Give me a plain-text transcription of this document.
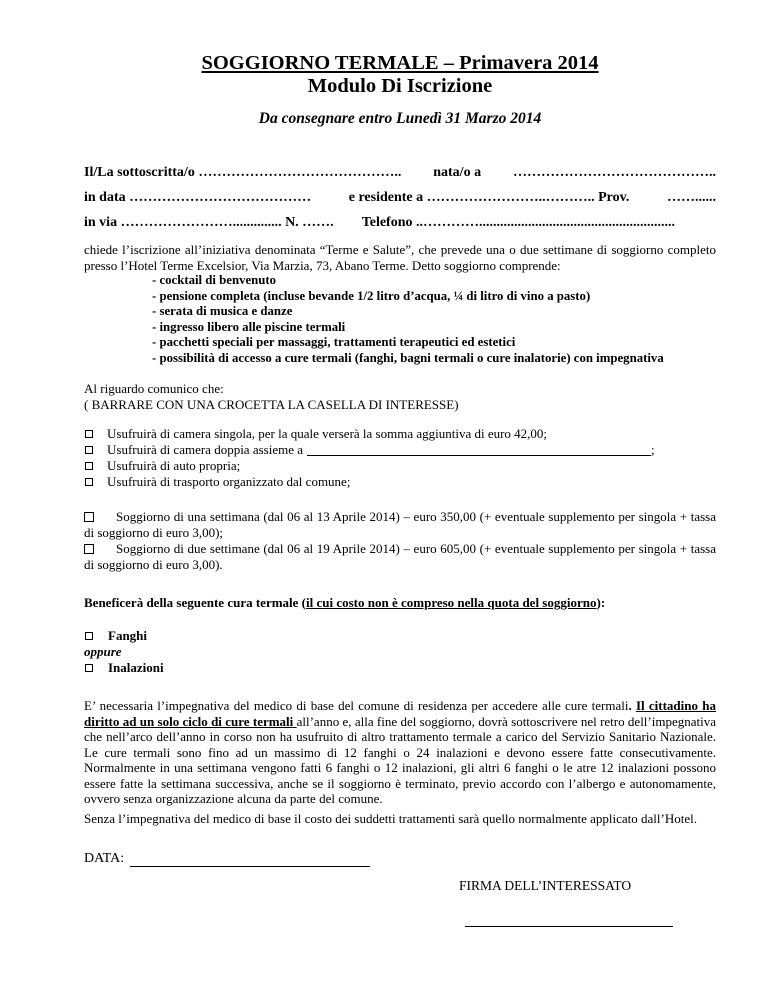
SOGGIORNO TERMALE – Primavera 2014
Modulo Di Iscrizione
Da consegnare entro Lunedì 31 Marzo 2014
Il/La sottoscritta/o …………………………………….. nata/o a ……………………………………..
in data …………………………………	e residente a ……………………..……….. Prov.	……......
in via …………………….............. N. ……. Telefono ..…………........................................................
chiede l’iscrizione all’iniziativa denominata “Terme e Salute”, che prevede una o due settimane di soggiorno completo presso l’Hotel Terme Excelsior, Via Marzia, 73, Abano Terme. Detto soggiorno comprende:
- cocktail di benvenuto
- pensione completa (incluse bevande 1/2 litro d’acqua, ¼ di litro di vino a pasto)
- serata di musica e danze
- ingresso libero alle piscine termali
- pacchetti speciali per massaggi, trattamenti terapeutici ed estetici
- possibilità di accesso a cure termali (fanghi, bagni termali o cure inalatorie) con impegnativa
Al riguardo comunico che:
( BARRARE CON UNA CROCETTA LA CASELLA DI INTERESSE)
Usufruirà di camera singola, per la quale verserà la somma aggiuntiva di euro 42,00;
Usufruirà di camera doppia assieme a	;
Usufruirà di auto propria;
Usufruirà di trasporto organizzato dal comune;
Soggiorno di una settimana (dal 06 al 13 Aprile 2014) – euro 350,00 (+ eventuale supplemento per singola + tassa di soggiorno di euro 3,00);
Soggiorno di due settimane (dal 06 al 19 Aprile 2014) – euro 605,00 (+ eventuale supplemento per singola + tassa di soggiorno di euro 3,00).
Beneficerà della seguente cura termale (il cui costo non è compreso nella quota del soggiorno):
Fanghi
oppure
Inalazioni
E’ necessaria l’impegnativa del medico di base del comune di residenza per accedere alle cure termali. Il cittadino ha diritto ad un solo ciclo di cure termali all’anno e, alla fine del soggiorno, dovrà sottoscrivere nel retro dell’impegnativa che nell’arco dell’anno in corso non ha usufruito di altro trattamento termale a carico del Servizio Sanitario Nazionale. Le cure termali sono fino ad un massimo di 12 fanghi o 24 inalazioni e devono essere fatte consecutivamente. Normalmente in una settimana vengono fatti 6 fanghi o 12 inalazioni, gli altri 6 fanghi o le atre 12 inalazioni possono essere fatte la settimana successiva, anche se il soggiorno è terminato, previo accordo con l’albergo e autonomamente, ovvero senza organizzazione alcuna da parte del comune.
Senza l’impegnativa del medico di base il costo dei suddetti trattamenti sarà quello normalmente applicato dall’Hotel.
DATA:
FIRMA DELL’INTERESSATO
